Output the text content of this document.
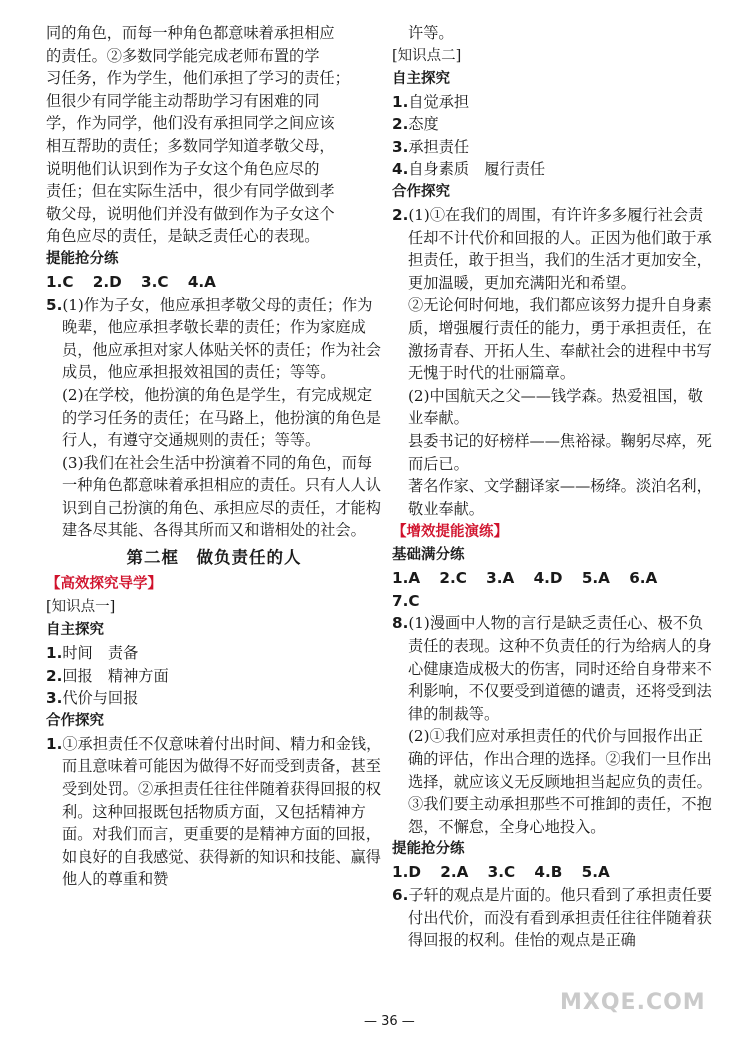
同的角色，而每一种角色都意味着承担相应

的责任。②多数同学能完成老师布置的学

习任务，作为学生，他们承担了学习的责任；

但很少有同学能主动帮助学习有困难的同

学，作为同学，他们没有承担同学之间应该

相互帮助的责任；多数同学知道孝敬父母，

说明他们认识到作为子女这个角色应尽的

责任；但在实际生活中，很少有同学做到孝

敬父母，说明他们并没有做到作为子女这个

角色应尽的责任，是缺乏责任心的表现。

提能抢分练

1.C 2.D 3.C 4.A

5.(1)作为子女，他应承担孝敬父母的责任；作为晚辈，他应承担孝敬长辈的责任；作为家庭成员，他应承担对家人体贴关怀的责任；作为社会成员，他应承担报效祖国的责任；等等。

(2)在学校，他扮演的角色是学生，有完成规定的学习任务的责任；在马路上，他扮演的角色是行人，有遵守交通规则的责任；等等。

(3)我们在社会生活中扮演着不同的角色，而每一种角色都意味着承担相应的责任。只有人人认识到自己扮演的角色、承担应尽的责任，才能构建各尽其能、各得其所而又和谐相处的社会。

第二框　做负责任的人

【高效探究导学】

[知识点一]

自主探究

1.时间　责备

2.回报　精神方面

3.代价与回报

合作探究

1.①承担责任不仅意味着付出时间、精力和金钱，而且意味着可能因为做得不好而受到责备，甚至受到处罚。②承担责任往往伴随着获得回报的权利。这种回报既包括物质方面，又包括精神方面。对我们而言，更重要的是精神方面的回报，如良好的自我感觉、获得新的知识和技能、赢得他人的尊重和赞

许等。

[知识点二]

自主探究

1.自觉承担

2.态度

3.承担责任

4.自身素质　履行责任

合作探究

2.(1)①在我们的周围，有许许多多履行社会责任却不计代价和回报的人。正因为他们敢于承担责任，敢于担当，我们的生活才更加安全，更加温暖，更加充满阳光和希望。

②无论何时何地，我们都应该努力提升自身素质，增强履行责任的能力，勇于承担责任，在激扬青春、开拓人生、奉献社会的进程中书写无愧于时代的壮丽篇章。

(2)中国航天之父——钱学森。热爱祖国，敬业奉献。

县委书记的好榜样——焦裕禄。鞠躬尽瘁，死而后已。

著名作家、文学翻译家——杨绛。淡泊名利，敬业奉献。

【增效提能演练】

基础满分练

1.A 2.C 3.A 4.D 5.A 6.A 7.C

8.(1)漫画中人物的言行是缺乏责任心、极不负责任的表现。这种不负责任的行为给病人的身心健康造成极大的伤害，同时还给自身带来不利影响，不仅要受到道德的谴责，还将受到法律的制裁等。

(2)①我们应对承担责任的代价与回报作出正确的评估，作出合理的选择。②我们一旦作出选择，就应该义无反顾地担当起应负的责任。③我们要主动承担那些不可推卸的责任，不抱怨，不懈怠，全身心地投入。

提能抢分练

1.D 2.A 3.C 4.B 5.A

6.子轩的观点是片面的。他只看到了承担责任要付出代价，而没有看到承担责任往往伴随着获得回报的权利。佳怡的观点是正确

— 36 —
MXQE.COM
